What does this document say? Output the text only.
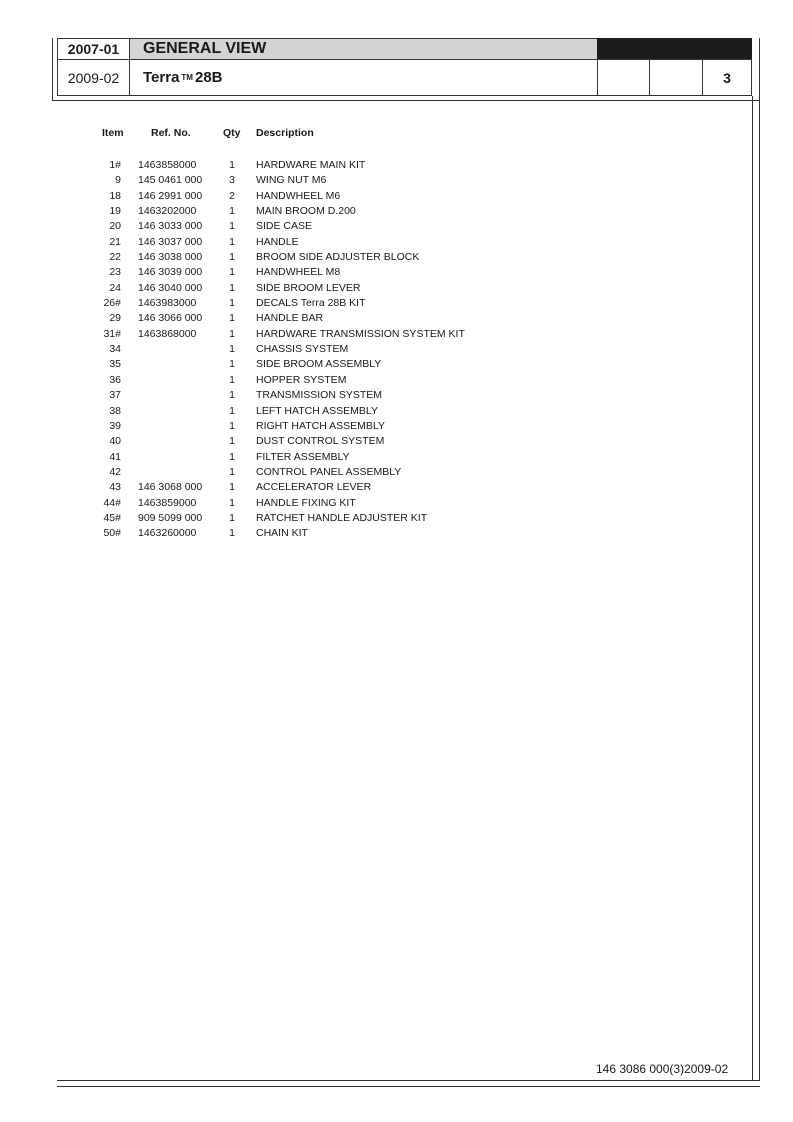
2007-01
2009-02
GENERAL VIEW
Terra TM 28B	3
Item	Ref. No.	Qty Description
1# 1463858000	1 HARDWARE MAIN KIT
9 145 0461 000	3 WING NUT M6
18 146 2991 000	2 HANDWHEEL M6
19 1463202000	1 MAIN BROOM D.200
20 146 3033 000	1 SIDE CASE
21 146 3037 000	1 HANDLE
22 146 3038 000	1 BROOM SIDE ADJUSTER BLOCK
23 146 3039 000	1 HANDWHEEL M8
24 146 3040 000	1 SIDE BROOM LEVER
26# 1463983000	1 DECALS Terra 28B KIT
29 146 3066 000	1 HANDLE BAR
31# 1463868000	1 HARDWARE TRANSMISSION SYSTEM KIT
34	1 CHASSIS SYSTEM
35	1 SIDE BROOM ASSEMBLY
36	1 HOPPER SYSTEM
37	1 TRANSMISSION SYSTEM
38	1 LEFT HATCH ASSEMBLY
39	1 RIGHT HATCH ASSEMBLY
40	1 DUST CONTROL SYSTEM
41	1 FILTER ASSEMBLY
42	1 CONTROL PANEL ASSEMBLY
43 146 3068 000	1 ACCELERATOR LEVER
44# 1463859000	1 HANDLE FIXING KIT
45# 909 5099 000	1 RATCHET HANDLE ADJUSTER KIT
50# 1463260000	1 CHAIN KIT
146 3086 000(3)2009-02
